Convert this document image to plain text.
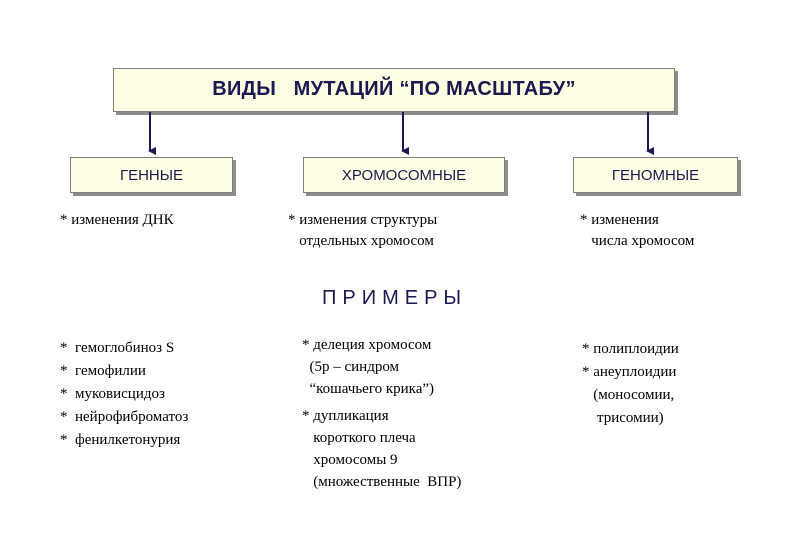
ВИДЫ   МУТАЦИЙ “ПО МАСШТАБУ”
ГЕННЫЕ	ХРОМОСОМНЫЕ	ГЕНОМНЫЕ
* изменения ДНК	* изменения структуры
отдельных хромосом
* изменения
числа хромосом
ПРИМЕРЫ
*  гемоглобиноз S
*  гемофилии
*  муковисцидоз
*  нейрофиброматоз
*  фенилкетонурия
* делеция хромосом
(5p – синдром
“кошачьего крика”)
* дупликация
короткого плеча
хромосомы 9
(множественные  ВПР)
* полиплоидии
* анеуплоидии
(моносомии,
трисомии)
